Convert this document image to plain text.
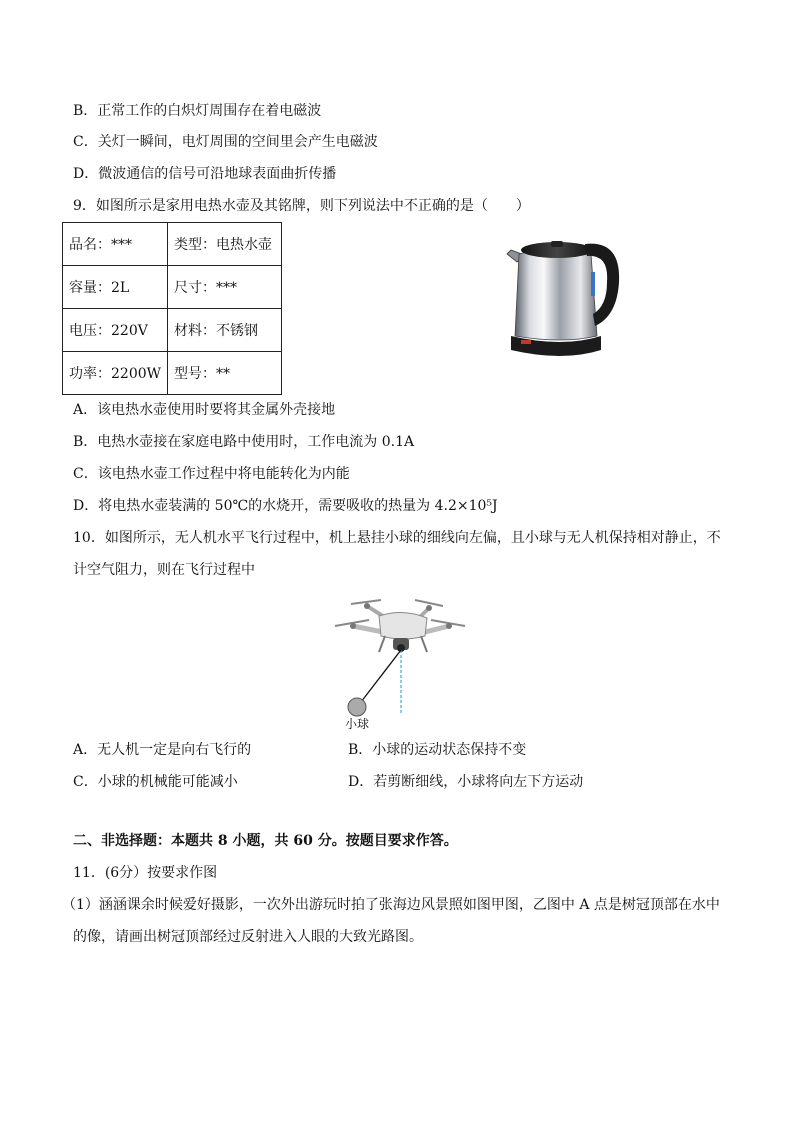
B．正常工作的白炽灯周围存在着电磁波
C．关灯一瞬间，电灯周围的空间里会产生电磁波
D．微波通信的信号可沿地球表面曲折传播
9．如图所示是家用电热水壶及其铭牌，则下列说法中不正确的是（　　）
品名：***	类型：电热水壶
容量：2L	尺寸：***
电压：220V	材料：不锈钢
功率：2200W	型号：**
A．该电热水壶使用时要将其金属外壳接地
B．电热水壶接在家庭电路中使用时，工作电流为 0.1A
C．该电热水壶工作过程中将电能转化为内能
D．将电热水壶装满的 50℃的水烧开，需要吸收的热量为 4.2×10⁵J
10．如图所示，无人机水平飞行过程中，机上悬挂小球的细线向左偏，且小球与无人机保持相对静止，不
计空气阻力，则在飞行过程中
小球
A．无人机一定是向右飞行的	B．小球的运动状态保持不变
C．小球的机械能可能减小	D．若剪断细线，小球将向左下方运动
二、非选择题：本题共 8 小题，共 60 分。按题目要求作答。
11．(6分）按要求作图
（1）涵涵课余时候爱好摄影，一次外出游玩时拍了张海边风景照如图甲图，乙图中 A 点是树冠顶部在水中
的像，请画出树冠顶部经过反射进入人眼的大致光路图。
